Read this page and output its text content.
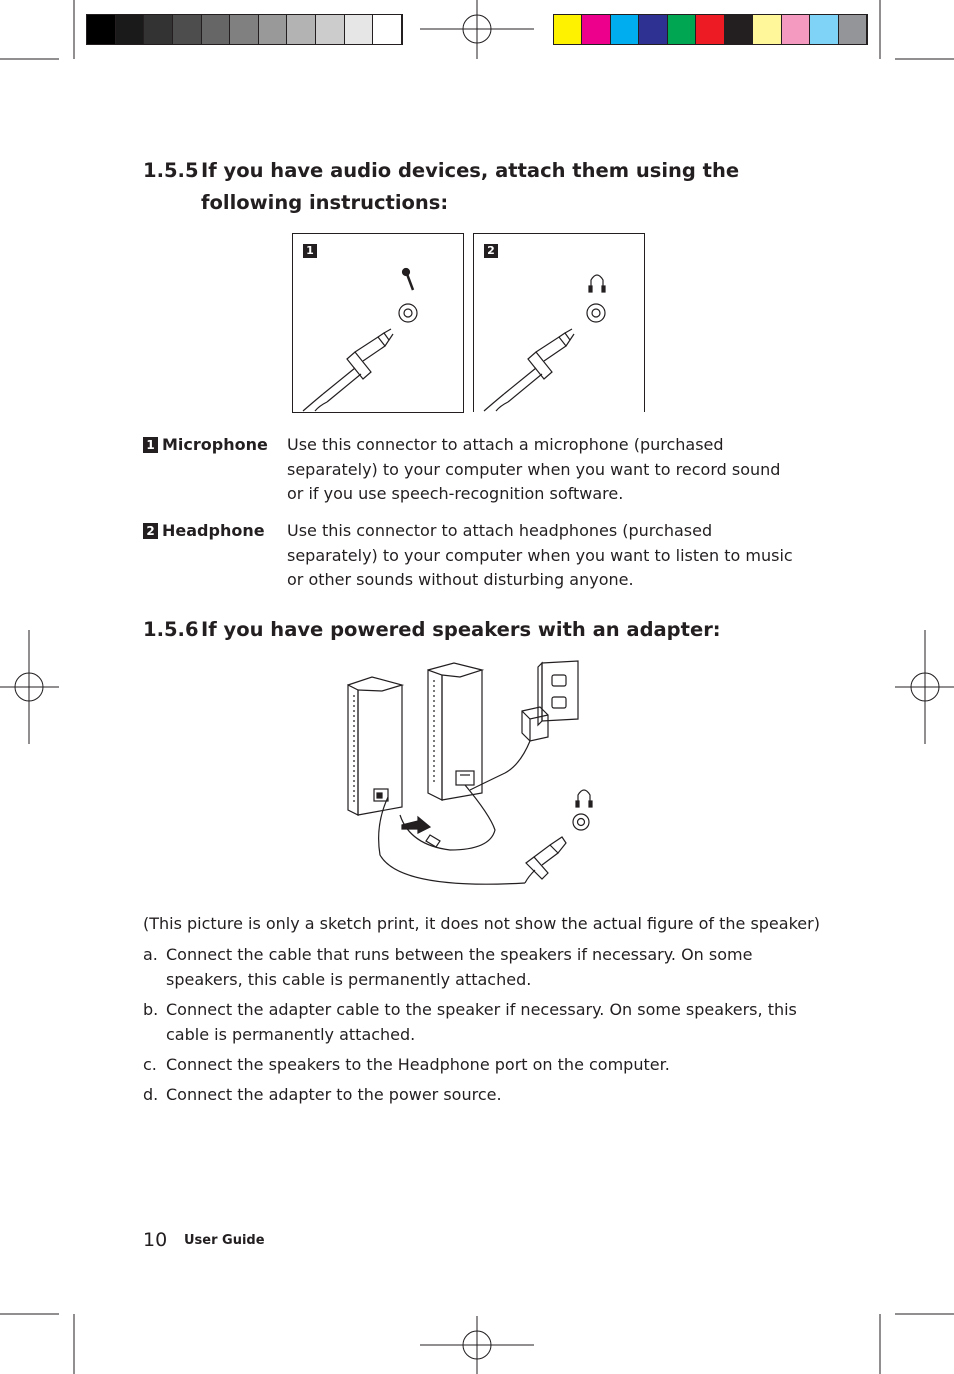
1.5.5 If you have audio devices, attach them using the
following instructions:
1	2
1 Microphone Use this connector to attach a microphone (purchased separately) to your computer when you want to record sound or if you use speech-recognition software.
2 Headphone Use this connector to attach headphones (purchased separately) to your computer when you want to listen to music or other sounds without disturbing anyone.
1.5.6 If you have powered speakers with an adapter:
(This picture is only a sketch print, it does not show the actual figure of the speaker)
a. Connect the cable that runs between the speakers if necessary. On some speakers, this cable is permanently attached.
b. Connect the adapter cable to the speaker if necessary. On some speakers, this cable is permanently attached.
c. Connect the speakers to the Headphone port on the computer.
d. Connect the adapter to the power source.
10 User Guide
